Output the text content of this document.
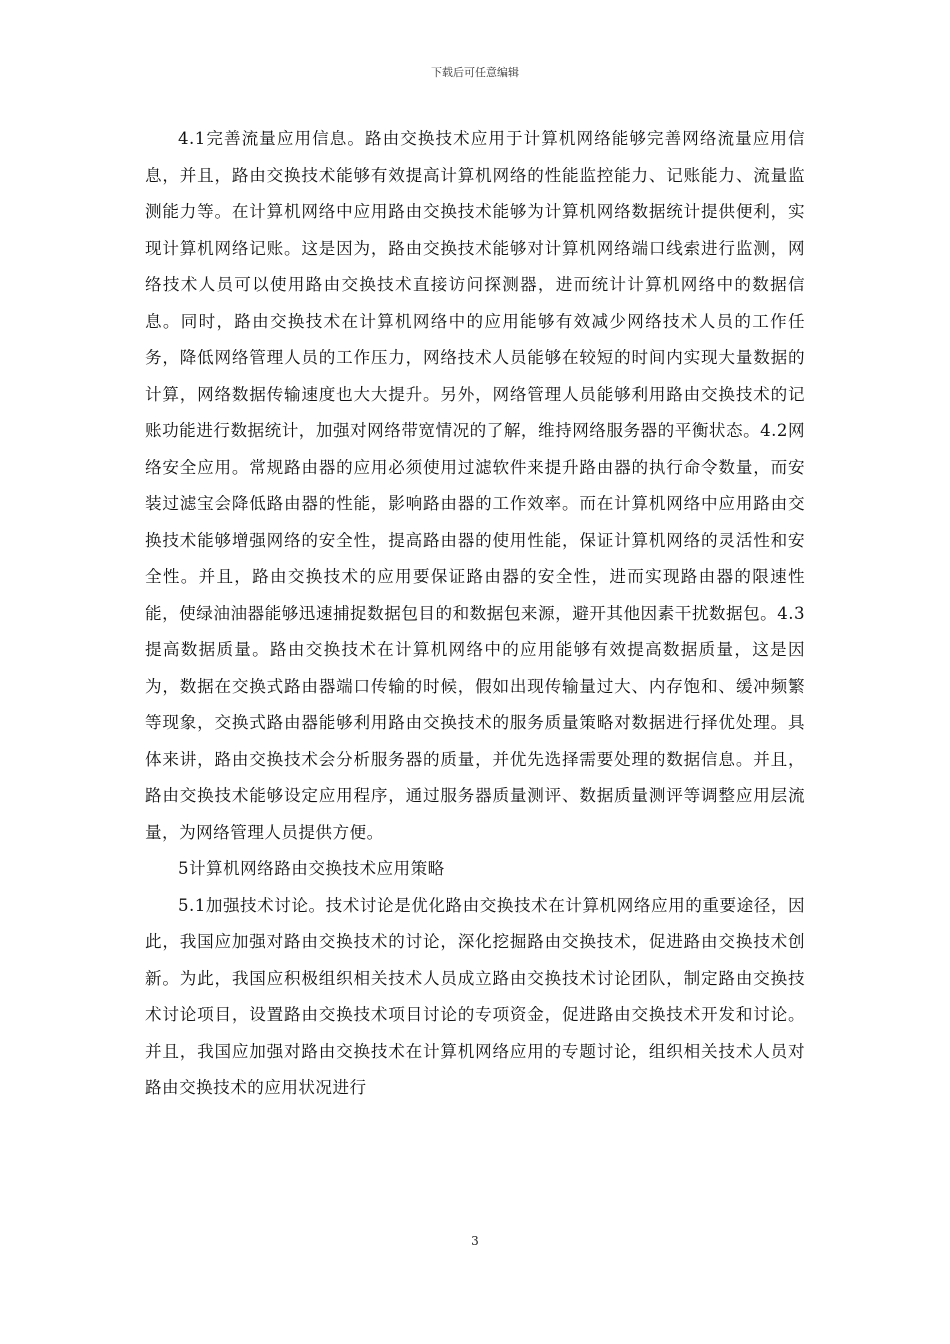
下载后可任意编辑

4.1完善流量应用信息。路由交换技术应用于计算机网络能够完善网络流量应用信息，并且，路由交换技术能够有效提高计算机网络的性能监控能力、记账能力、流量监测能力等。在计算机网络中应用路由交换技术能够为计算机网络数据统计提供便利，实现计算机网络记账。这是因为，路由交换技术能够对计算机网络端口线索进行监测，网络技术人员可以使用路由交换技术直接访问探测器，进而统计计算机网络中的数据信息。同时，路由交换技术在计算机网络中的应用能够有效减少网络技术人员的工作任务，降低网络管理人员的工作压力，网络技术人员能够在较短的时间内实现大量数据的计算，网络数据传输速度也大大提升。另外，网络管理人员能够利用路由交换技术的记账功能进行数据统计，加强对网络带宽情况的了解，维持网络服务器的平衡状态。4.2网络安全应用。常规路由器的应用必须使用过滤软件来提升路由器的执行命令数量，而安装过滤宝会降低路由器的性能，影响路由器的工作效率。而在计算机网络中应用路由交换技术能够增强网络的安全性，提高路由器的使用性能，保证计算机网络的灵活性和安全性。并且，路由交换技术的应用要保证路由器的安全性，进而实现路由器的限速性能，使绿油油器能够迅速捕捉数据包目的和数据包来源，避开其他因素干扰数据包。4.3提高数据质量。路由交换技术在计算机网络中的应用能够有效提高数据质量，这是因为，数据在交换式路由器端口传输的时候，假如出现传输量过大、内存饱和、缓冲频繁等现象，交换式路由器能够利用路由交换技术的服务质量策略对数据进行择优处理。具体来讲，路由交换技术会分析服务器的质量，并优先选择需要处理的数据信息。并且，路由交换技术能够设定应用程序，通过服务器质量测评、数据质量测评等调整应用层流量，为网络管理人员提供方便。

5计算机网络路由交换技术应用策略

5.1加强技术讨论。技术讨论是优化路由交换技术在计算机网络应用的重要途径，因此，我国应加强对路由交换技术的讨论，深化挖掘路由交换技术，促进路由交换技术创新。为此，我国应积极组织相关技术人员成立路由交换技术讨论团队，制定路由交换技术讨论项目，设置路由交换技术项目讨论的专项资金，促进路由交换技术开发和讨论。并且，我国应加强对路由交换技术在计算机网络应用的专题讨论，组织相关技术人员对路由交换技术的应用状况进行

3
